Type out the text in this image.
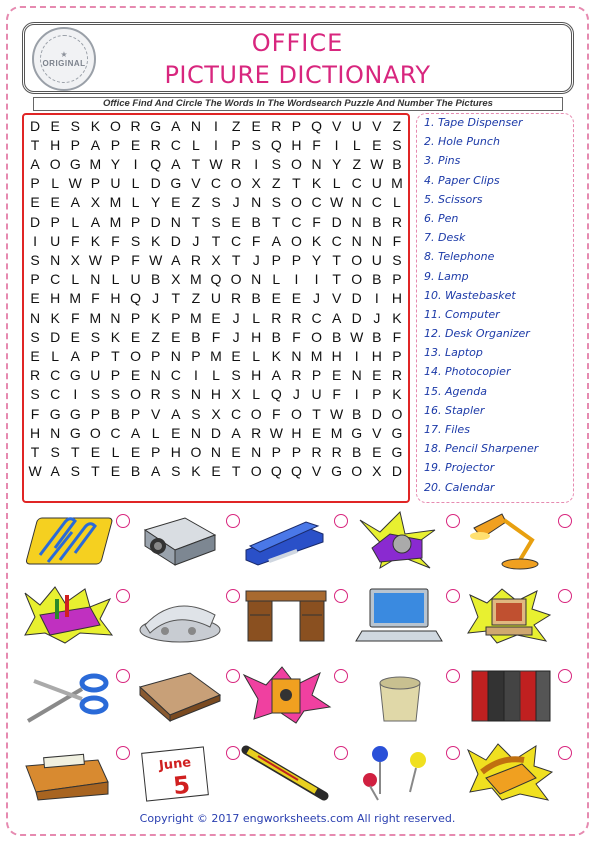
★
ORIGINAL
OFFICE
PICTURE DICTIONARY
Office Find And Circle The Words In The Wordsearch Puzzle And Number The Pictures
D E S K O R G A N I Z E R P Q V U V Z
T H P A P E R C L	I P S Q H F I	L E S
A O G M Y I Q A T W R I S O N Y Z W B
P L W P U L D G V C O X Z T K L C U M
E E A X M L Y E Z S J N S O C W N C L
D P L A M P D N T S E B T C F D N B R
I U F K F S K D J T C F A O K C N N F
S N X W P F W A R X T J P P Y T O U S
P C L N L U B X M Q O N L	I	I T O B P
E H M F H Q J T Z U R B E E J V D I H
N K F M N P K P M E J L R R C A D J K
S D E S K E Z E B F J H B F O B W B F
E L A P T O P N P M E L K N M H I H P
R C G U P E N C I	L S H A R P E N E R
S C I S S O R S N H X L Q J U F I P K
F G G P B P V A S X C O F O T W B D O
H N G O C A L E N D A R W H E M G V G
T S T E L E P H O N E N P P R R B E G
W A S T E B A S K E T O Q Q V G O X D
1. Tape Dispenser
2. Hole Punch
3. Pins
4. Paper Clips
5. Scissors
6. Pen
7. Desk
8. Telephone
9. Lamp
10. Wastebasket
11. Computer
12. Desk Organizer
13. Laptop
14. Photocopier
15. Agenda
16. Stapler
17. Files
18. Pencil Sharpener
19. Projector
20. Calendar
June
5
Copyright © 2017 engworksheets.com All right reserved.
